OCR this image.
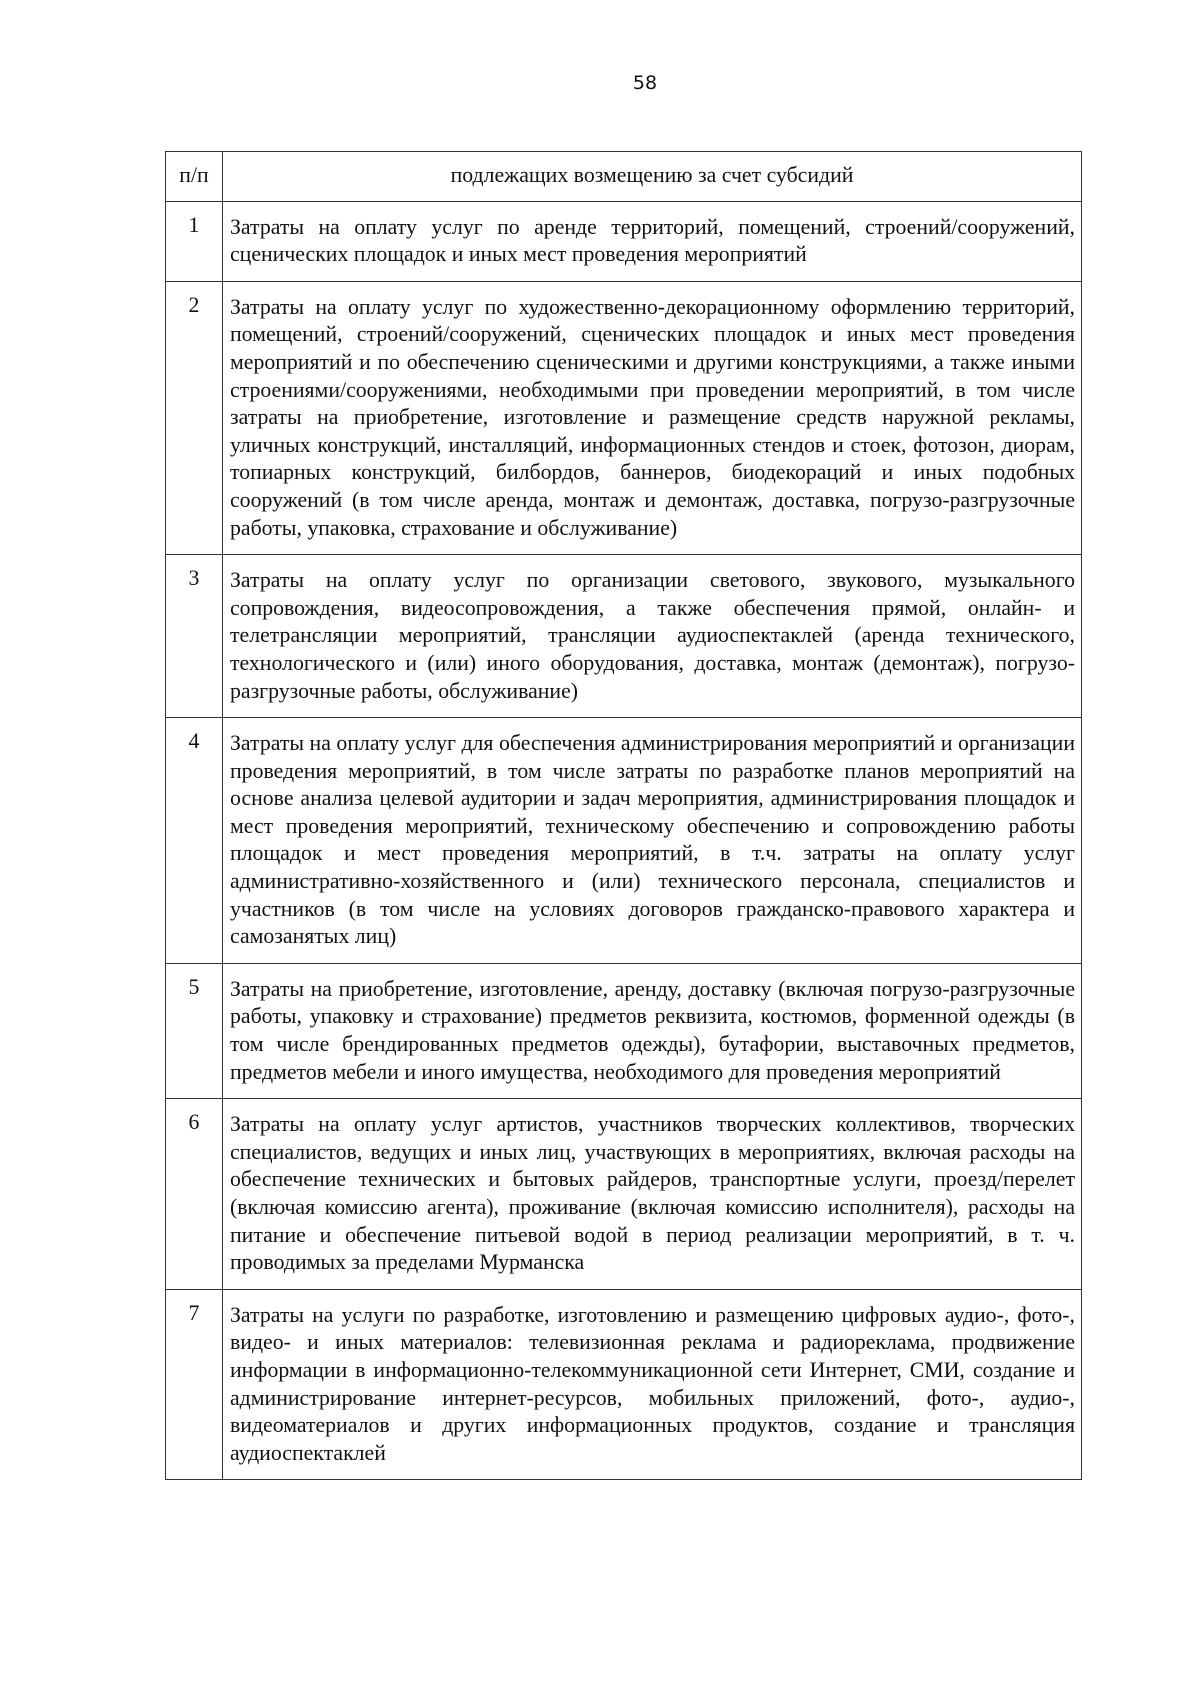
58
п/п	подлежащих возмещению за счет субсидий
1	Затраты на оплату услуг по аренде территорий, помещений, строений/сооружений, сценических площадок и иных мест проведения мероприятий
2	Затраты на оплату услуг по художественно-декорационному оформлению территорий, помещений, строений/сооружений, сценических площадок и иных мест проведения мероприятий и по обеспечению сценическими и другими конструкциями, а также иными строениями/сооружениями, необходимыми при проведении мероприятий, в том числе затраты на приобретение, изготовление и размещение средств наружной рекламы, уличных конструкций, инсталляций, информационных стендов и стоек, фотозон, диорам, топиарных конструкций, билбордов, баннеров, биодекораций и иных подобных сооружений (в том числе аренда, монтаж и демонтаж, доставка, погрузо-разгрузочные работы, упаковка, страхование и обслуживание)
3	Затраты на оплату услуг по организации светового, звукового, музыкального сопровождения, видеосопровождения, а также обеспечения прямой, онлайн- и телетрансляции мероприятий, трансляции аудиоспектаклей (аренда технического, технологического и (или) иного оборудования, доставка, монтаж (демонтаж), погрузо-разгрузочные работы, обслуживание)
4	Затраты на оплату услуг для обеспечения администрирования мероприятий и организации проведения мероприятий, в том числе затраты по разработке планов мероприятий на основе анализа целевой аудитории и задач мероприятия, администрирования площадок и мест проведения мероприятий, техническому обеспечению и сопровождению работы площадок и мест проведения мероприятий, в т.ч. затраты на оплату услуг административно-хозяйственного и (или) технического персонала, специалистов и участников (в том числе на условиях договоров гражданско-правового характера и самозанятых лиц)
5	Затраты на приобретение, изготовление, аренду, доставку (включая погрузо-разгрузочные работы, упаковку и страхование) предметов реквизита, костюмов, форменной одежды (в том числе брендированных предметов одежды), бутафории, выставочных предметов, предметов мебели и иного имущества, необходимого для проведения мероприятий
6	Затраты на оплату услуг артистов, участников творческих коллективов, творческих специалистов, ведущих и иных лиц, участвующих в мероприятиях, включая расходы на обеспечение технических и бытовых райдеров, транспортные услуги, проезд/перелет (включая комиссию агента), проживание (включая комиссию исполнителя), расходы на питание и обеспечение питьевой водой в период реализации мероприятий, в т. ч. проводимых за пределами Мурманска
7	Затраты на услуги по разработке, изготовлению и размещению цифровых аудио-, фото-, видео- и иных материалов: телевизионная реклама и радиореклама, продвижение информации в информационно-телекоммуникационной сети Интернет, СМИ, создание и администрирование интернет-ресурсов, мобильных приложений, фото-, аудио-, видеоматериалов и других информационных продуктов, создание и трансляция аудиоспектаклей
